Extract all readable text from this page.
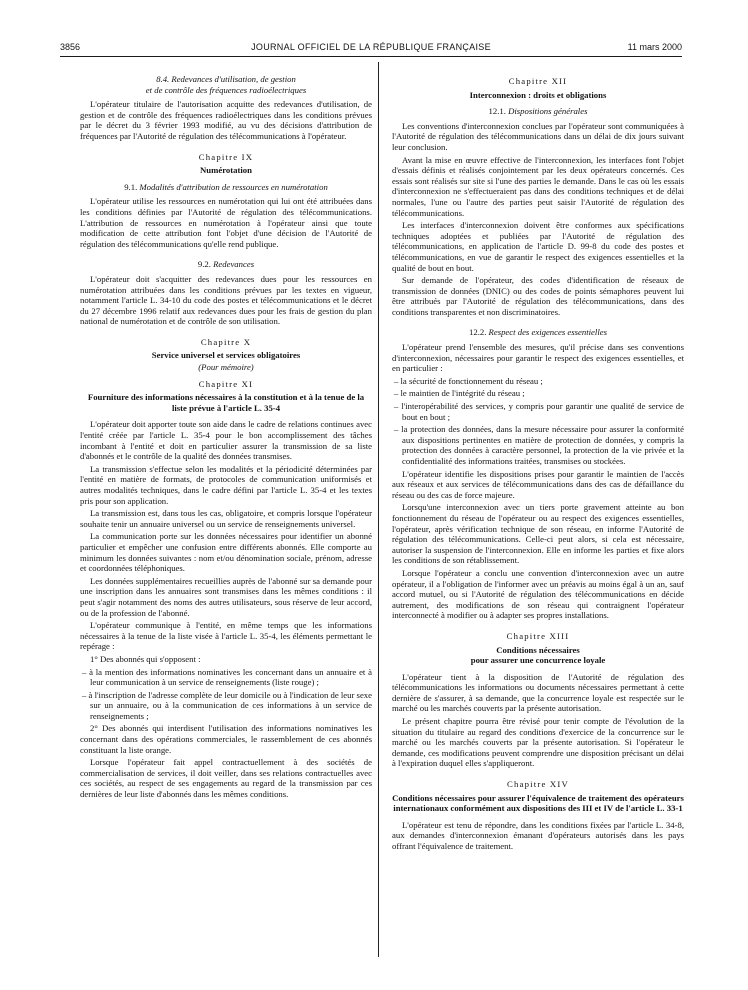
3856	JOURNAL OFFICIEL DE LA RÉPUBLIQUE FRANÇAISE	11 mars 2000
8.4. Redevances d'utilisation, de gestion
et de contrôle des fréquences radioélectriques

L'opérateur titulaire de l'autorisation acquitte des redevances d'utilisation, de gestion et de contrôle des fréquences radioélectriques dans les conditions prévues par le décret du 3 février 1993 modifié, au vu des décisions d'attribution de fréquences par l'Autorité de régulation des télécommunications à l'opérateur.

Chapitre IX
Numérotation
9.1. Modalités d'attribution de ressources en numérotation

L'opérateur utilise les ressources en numérotation qui lui ont été attribuées dans les conditions définies par l'Autorité de régulation des télécommunications. L'attribution de ressources en numérotation à l'opérateur ainsi que toute modification de cette attribution font l'objet d'une décision de l'Autorité de régulation des télécommunications qu'elle rend publique.

9.2. Redevances

L'opérateur doit s'acquitter des redevances dues pour les ressources en numérotation attribuées dans les conditions prévues par les textes en vigueur, notamment l'article L. 34-10 du code des postes et télécommunications et le décret du 27 décembre 1996 relatif aux redevances dues pour les frais de gestion du plan national de numérotation et de contrôle de son utilisation.

Chapitre X
Service universel et services obligatoires
(Pour mémoire)
Chapitre XI
Fourniture des informations nécessaires à la constitution et à la tenue de la liste prévue à l'article L. 35-4

L'opérateur doit apporter toute son aide dans le cadre de relations continues avec l'entité créée par l'article L. 35-4 pour le bon accomplissement des tâches incombant à l'entité et doit en particulier assurer la transmission de sa liste d'abonnés et le contrôle de la qualité des données transmises.

La transmission s'effectue selon les modalités et la périodicité déterminées par l'entité en matière de formats, de protocoles de communication uniformisés et autres modalités techniques, dans le cadre défini par l'article L. 35-4 et les textes pris pour son application.

La transmission est, dans tous les cas, obligatoire, et compris lorsque l'opérateur souhaite tenir un annuaire universel ou un service de renseignements universel.

La communication porte sur les données nécessaires pour identifier un abonné particulier et empêcher une confusion entre différents abonnés. Elle comporte au minimum les données suivantes : nom et/ou dénomination sociale, prénom, adresse et coordonnées téléphoniques.

Les données supplémentaires recueillies auprès de l'abonné sur sa demande pour une inscription dans les annuaires sont transmises dans les mêmes conditions : il peut s'agir notamment des noms des autres utilisateurs, sous réserve de leur accord, ou de la profession de l'abonné.

L'opérateur communique à l'entité, en même temps que les informations nécessaires à la tenue de la liste visée à l'article L. 35-4, les éléments permettant le repérage :

1° Des abonnés qui s'opposent :

– à la mention des informations nominatives les concernant dans un annuaire et à leur communication à un service de renseignements (liste rouge) ;

– à l'inscription de l'adresse complète de leur domicile ou à l'indication de leur sexe sur un annuaire, ou à la communication de ces informations à un service de renseignements ;

2° Des abonnés qui interdisent l'utilisation des informations nominatives les concernant dans des opérations commerciales, le rassemblement de ces abonnés constituant la liste orange.

Lorsque l'opérateur fait appel contractuellement à des sociétés de commercialisation de services, il doit veiller, dans ses relations contractuelles avec ces sociétés, au respect de ses engagements au regard de la transmission par ces dernières de leur liste d'abonnés dans les mêmes conditions.

Chapitre XII
Interconnexion : droits et obligations
12.1. Dispositions générales

Les conventions d'interconnexion conclues par l'opérateur sont communiquées à l'Autorité de régulation des télécommunications dans un délai de dix jours suivant leur conclusion.

Avant la mise en œuvre effective de l'interconnexion, les interfaces font l'objet d'essais définis et réalisés conjointement par les deux opérateurs concernés. Ces essais sont réalisés sur site si l'une des parties le demande. Dans le cas où les essais d'interconnexion ne s'effectueraient pas dans des conditions techniques et de délai normales, l'une ou l'autre des parties peut saisir l'Autorité de régulation des télécommunications.

Les interfaces d'interconnexion doivent être conformes aux spécifications techniques adoptées et publiées par l'Autorité de régulation des télécommunications, en application de l'article D. 99-8 du code des postes et télécommunications, en vue de garantir le respect des exigences essentielles et la qualité de bout en bout.

Sur demande de l'opérateur, des codes d'identification de réseaux de transmission de données (DNIC) ou des codes de points sémaphores peuvent lui être attribués par l'Autorité de régulation des télécommunications, dans des conditions transparentes et non discriminatoires.

12.2. Respect des exigences essentielles

L'opérateur prend l'ensemble des mesures, qu'il précise dans ses conventions d'interconnexion, nécessaires pour garantir le respect des exigences essentielles, et en particulier :

– la sécurité de fonctionnement du réseau ;

– le maintien de l'intégrité du réseau ;

– l'interopérabilité des services, y compris pour garantir une qualité de service de bout en bout ;

– la protection des données, dans la mesure nécessaire pour assurer la conformité aux dispositions pertinentes en matière de protection de données, y compris la protection des données à caractère personnel, la protection de la vie privée et la confidentialité des informations traitées, transmises ou stockées.

L'opérateur identifie les dispositions prises pour garantir le maintien de l'accès aux réseaux et aux services de télécommunications dans des cas de défaillance du réseau ou des cas de force majeure.

Lorsqu'une interconnexion avec un tiers porte gravement atteinte au bon fonctionnement du réseau de l'opérateur ou au respect des exigences essentielles, l'opérateur, après vérification technique de son réseau, en informe l'Autorité de régulation des télécommunications. Celle-ci peut alors, si cela est nécessaire, autoriser la suspension de l'interconnexion. Elle en informe les parties et fixe alors les conditions de son rétablissement.

Lorsque l'opérateur a conclu une convention d'interconnexion avec un autre opérateur, il a l'obligation de l'informer avec un préavis au moins égal à un an, sauf accord mutuel, ou si l'Autorité de régulation des télécommunications en décide autrement, des modifications de son réseau qui contraignent l'opérateur interconnecté à modifier ou à adapter ses propres installations.

Chapitre XIII
Conditions nécessaires
pour assurer une concurrence loyale

L'opérateur tient à la disposition de l'Autorité de régulation des télécommunications les informations ou documents nécessaires permettant à cette dernière de s'assurer, à sa demande, que la concurrence loyale est respectée sur le marché ou les marchés couverts par la présente autorisation.

Le présent chapitre pourra être révisé pour tenir compte de l'évolution de la situation du titulaire au regard des conditions d'exercice de la concurrence sur le marché ou les marchés couverts par la présente autorisation. Si l'opérateur le demande, ces modifications peuvent comprendre une disposition précisant un délai à l'expiration duquel elles s'appliqueront.

Chapitre XIV
Conditions nécessaires pour assurer l'équivalence de traitement des opérateurs internationaux conformément aux dispositions des III et IV de l'article L. 33-1

L'opérateur est tenu de répondre, dans les conditions fixées par l'article L. 34-8, aux demandes d'interconnexion émanant d'opérateurs autorisés dans les pays offrant l'équivalence de traitement.
